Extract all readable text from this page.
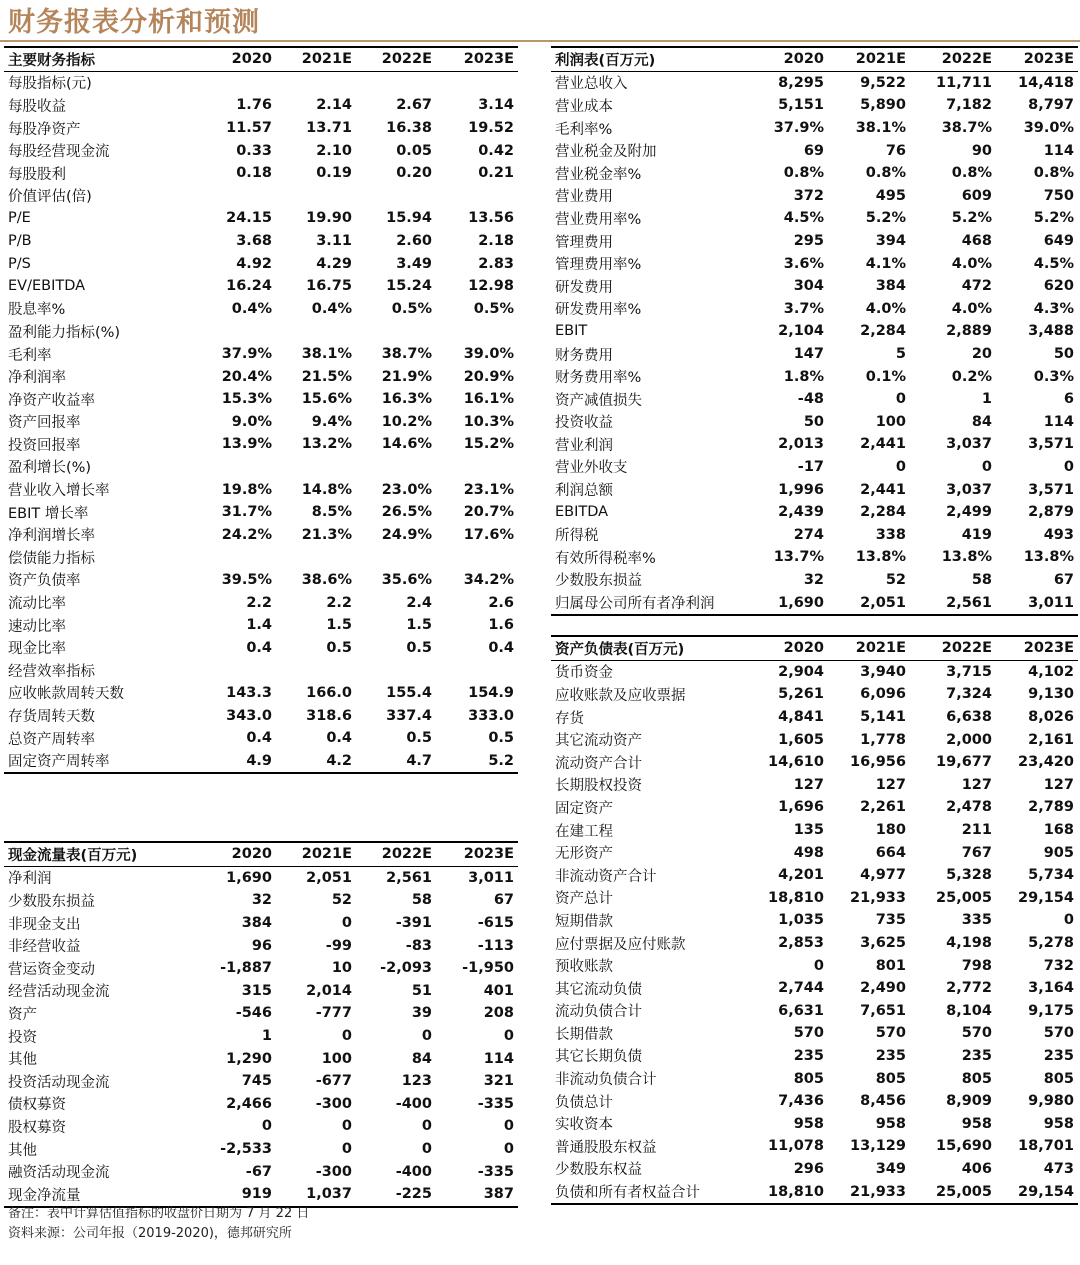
财务报表分析和预测
主要财务指标	2020	2021E	2022E	2023E
每股指标(元)				
每股收益	1.76	2.14	2.67	3.14
每股净资产	11.57	13.71	16.38	19.52
每股经营现金流	0.33	2.10	0.05	0.42
每股股利	0.18	0.19	0.20	0.21
价值评估(倍)				
P/E	24.15	19.90	15.94	13.56
P/B	3.68	3.11	2.60	2.18
P/S	4.92	4.29	3.49	2.83
EV/EBITDA	16.24	16.75	15.24	12.98
股息率%	0.4%	0.4%	0.5%	0.5%
盈利能力指标(%)				
毛利率	37.9%	38.1%	38.7%	39.0%
净利润率	20.4%	21.5%	21.9%	20.9%
净资产收益率	15.3%	15.6%	16.3%	16.1%
资产回报率	9.0%	9.4%	10.2%	10.3%
投资回报率	13.9%	13.2%	14.6%	15.2%
盈利增长(%)				
营业收入增长率	19.8%	14.8%	23.0%	23.1%
EBIT 增长率	31.7%	8.5%	26.5%	20.7%
净利润增长率	24.2%	21.3%	24.9%	17.6%
偿债能力指标				
资产负债率	39.5%	38.6%	35.6%	34.2%
流动比率	2.2	2.2	2.4	2.6
速动比率	1.4	1.5	1.5	1.6
现金比率	0.4	0.5	0.5	0.4
经营效率指标				
应收帐款周转天数	143.3	166.0	155.4	154.9
存货周转天数	343.0	318.6	337.4	333.0
总资产周转率	0.4	0.4	0.5	0.5
固定资产周转率	4.9	4.2	4.7	5.2
利润表(百万元)	2020	2021E	2022E	2023E
营业总收入	8,295	9,522	11,711	14,418
营业成本	5,151	5,890	7,182	8,797
毛利率%	37.9%	38.1%	38.7%	39.0%
营业税金及附加	69	76	90	114
营业税金率%	0.8%	0.8%	0.8%	0.8%
营业费用	372	495	609	750
营业费用率%	4.5%	5.2%	5.2%	5.2%
管理费用	295	394	468	649
管理费用率%	3.6%	4.1%	4.0%	4.5%
研发费用	304	384	472	620
研发费用率%	3.7%	4.0%	4.0%	4.3%
EBIT	2,104	2,284	2,889	3,488
财务费用	147	5	20	50
财务费用率%	1.8%	0.1%	0.2%	0.3%
资产减值损失	-48	0	1	6
投资收益	50	100	84	114
营业利润	2,013	2,441	3,037	3,571
营业外收支	-17	0	0	0
利润总额	1,996	2,441	3,037	3,571
EBITDA	2,439	2,284	2,499	2,879
所得税	274	338	419	493
有效所得税率%	13.7%	13.8%	13.8%	13.8%
少数股东损益	32	52	58	67
归属母公司所有者净利润	1,690	2,051	2,561	3,011
资产负债表(百万元)	2020	2021E	2022E	2023E
货币资金	2,904	3,940	3,715	4,102
应收账款及应收票据	5,261	6,096	7,324	9,130
存货	4,841	5,141	6,638	8,026
其它流动资产	1,605	1,778	2,000	2,161
流动资产合计	14,610	16,956	19,677	23,420
长期股权投资	127	127	127	127
固定资产	1,696	2,261	2,478	2,789
在建工程	135	180	211	168
无形资产	498	664	767	905
非流动资产合计	4,201	4,977	5,328	5,734
资产总计	18,810	21,933	25,005	29,154
短期借款	1,035	735	335	0
应付票据及应付账款	2,853	3,625	4,198	5,278
预收账款	0	801	798	732
其它流动负债	2,744	2,490	2,772	3,164
流动负债合计	6,631	7,651	8,104	9,175
长期借款	570	570	570	570
其它长期负债	235	235	235	235
非流动负债合计	805	805	805	805
负债总计	7,436	8,456	8,909	9,980
实收资本	958	958	958	958
普通股股东权益	11,078	13,129	15,690	18,701
少数股东权益	296	349	406	473
负债和所有者权益合计	18,810	21,933	25,005	29,154
现金流量表(百万元)	2020	2021E	2022E	2023E
净利润	1,690	2,051	2,561	3,011
少数股东损益	32	52	58	67
非现金支出	384	0	-391	-615
非经营收益	96	-99	-83	-113
营运资金变动	-1,887	10	-2,093	-1,950
经营活动现金流	315	2,014	51	401
资产	-546	-777	39	208
投资	1	0	0	0
其他	1,290	100	84	114
投资活动现金流	745	-677	123	321
债权募资	2,466	-300	-400	-335
股权募资	0	0	0	0
其他	-2,533	0	0	0
融资活动现金流	-67	-300	-400	-335
现金净流量	919	1,037	-225	387
备注：表中计算估值指标的收盘价日期为 7 月 22 日
资料来源：公司年报（2019-2020)，德邦研究所
